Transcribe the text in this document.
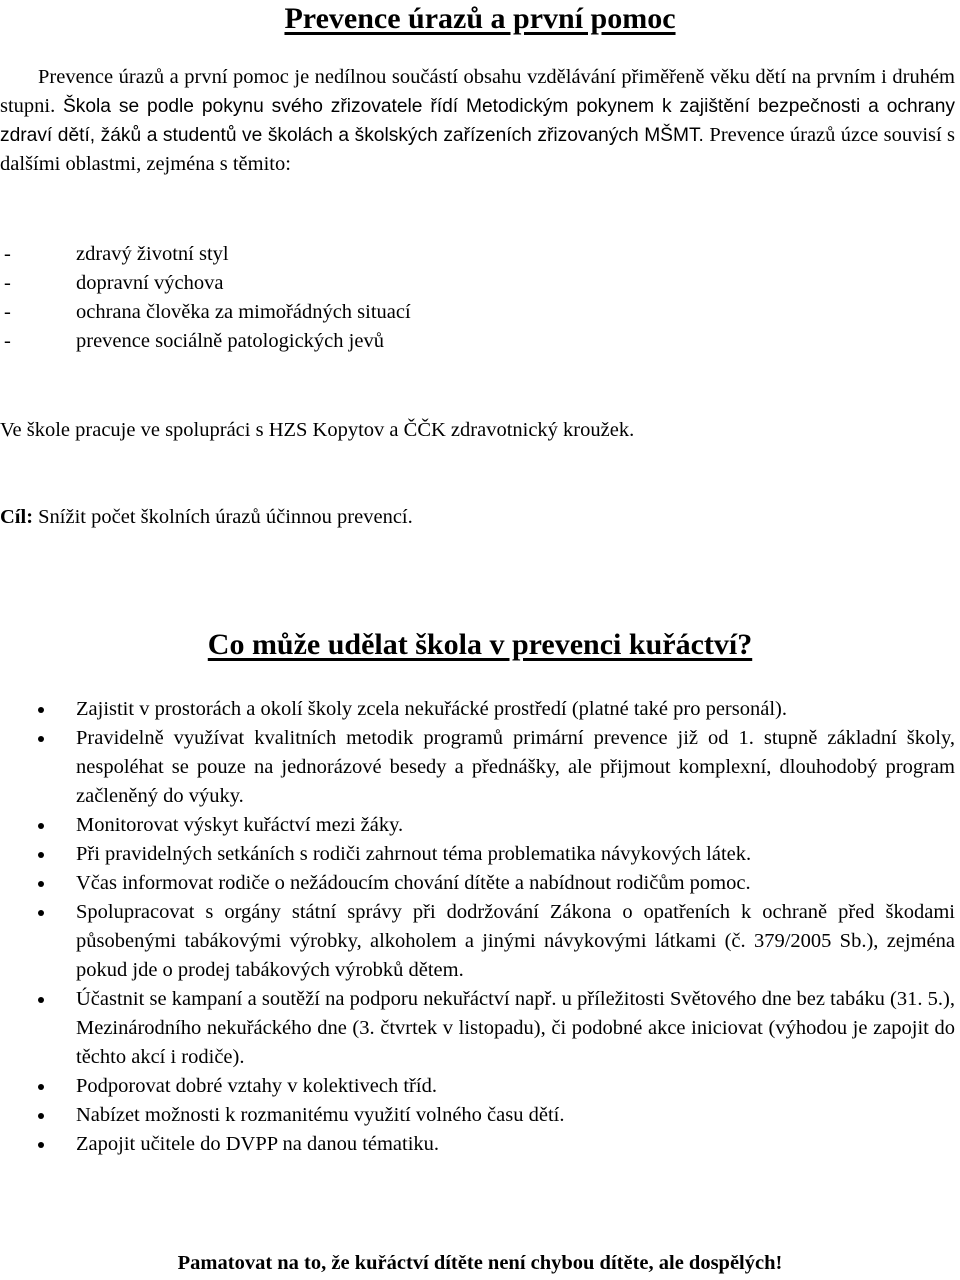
Prevence úrazů a první pomoc

Prevence úrazů a první pomoc je nedílnou součástí obsahu vzdělávání přiměřeně věku dětí na prvním i druhém stupni. Škola se podle pokynu svého zřizovatele řídí Metodickým pokynem k zajištění bezpečnosti a ochrany zdraví dětí, žáků a studentů ve školách a školských zařízeních zřizovaných MŠMT. Prevence úrazů úzce souvisí s dalšími oblastmi, zejména s těmito:

-	zdravý životní styl
-	dopravní výchova
-	ochrana člověka za mimořádných situací
-	prevence sociálně patologických jevů

Ve škole pracuje ve spolupráci s HZS Kopytov a ČČK zdravotnický kroužek.

Cíl: Snížit počet školních úrazů účinnou prevencí.

Co může udělat škola v prevenci kuřáctví?
Zajistit v prostorách a okolí školy zcela nekuřácké prostředí (platné také pro personál).
Pravidelně využívat kvalitních metodik programů primární prevence již od 1. stupně základní školy, nespoléhat se pouze na jednorázové besedy a přednášky, ale přijmout komplexní, dlouhodobý program začleněný do výuky.
Monitorovat výskyt kuřáctví mezi žáky.
Při pravidelných setkáních s rodiči zahrnout téma problematika návykových látek.
Včas informovat rodiče o nežádoucím chování dítěte a nabídnout rodičům pomoc.
Spolupracovat s orgány státní správy při dodržování Zákona o opatřeních k ochraně před škodami působenými tabákovými výrobky, alkoholem a jinými návykovými látkami (č. 379/2005 Sb.), zejména pokud jde o prodej tabákových výrobků dětem.
Účastnit se kampaní a soutěží na podporu nekuřáctví např. u příležitosti Světového dne bez tabáku (31. 5.), Mezinárodního nekuřáckého dne (3. čtvrtek v listopadu), či podobné akce iniciovat (výhodou je zapojit do těchto akcí i rodiče).
Podporovat dobré vztahy v kolektivech tříd.
Nabízet možnosti k rozmanitému využití volného času dětí.
Zapojit učitele do DVPP na danou tématiku.

Pamatovat na to, že kuřáctví dítěte není chybou dítěte, ale dospělých!
